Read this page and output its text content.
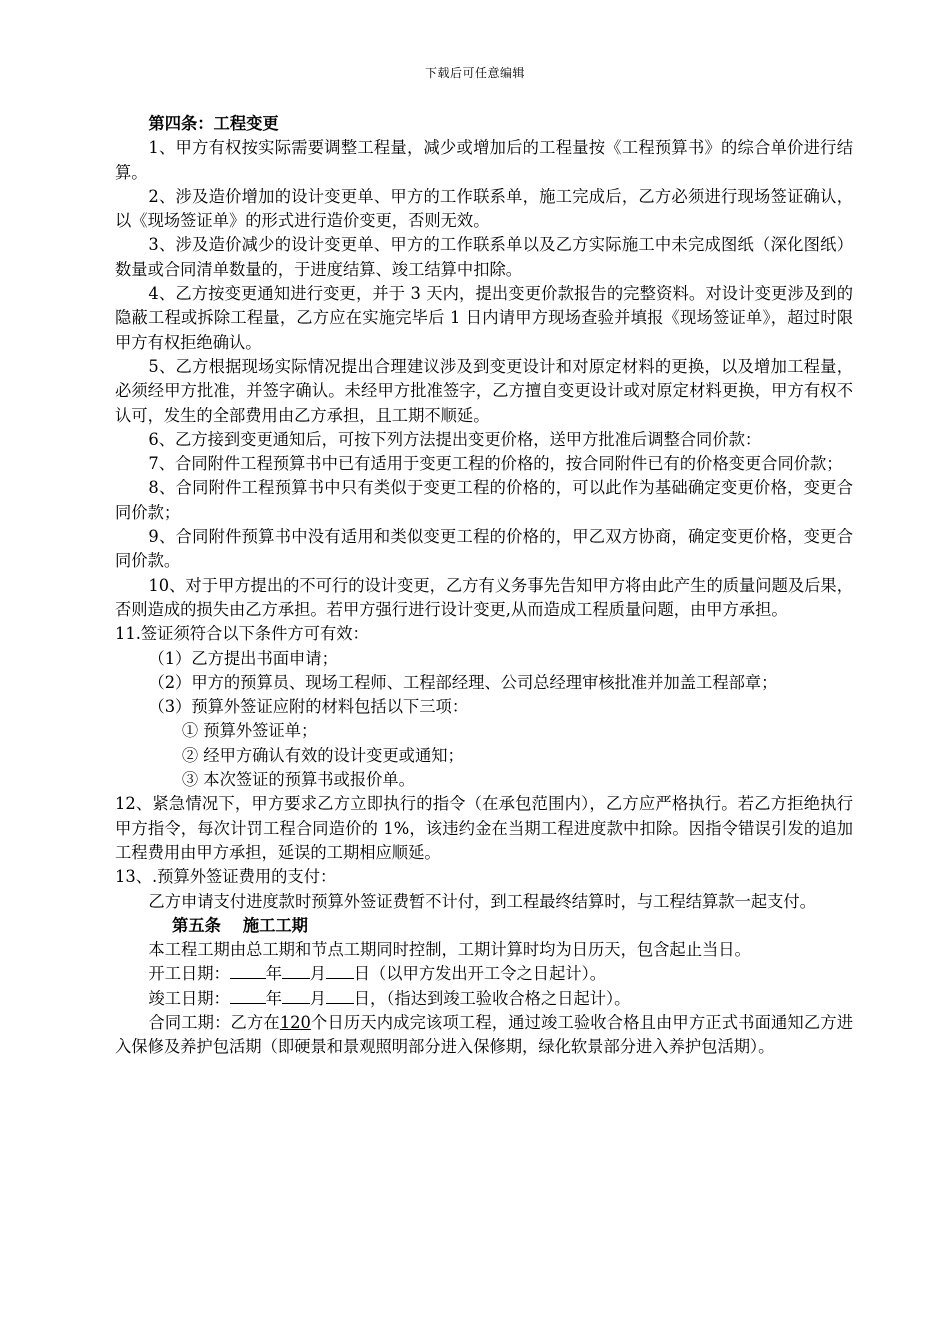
下载后可任意编辑

第四条：工程变更

1、甲方有权按实际需要调整工程量，减少或增加后的工程量按《工程预算书》的综合单价进行结算。

2、涉及造价增加的设计变更单、甲方的工作联系单，施工完成后，乙方必须进行现场签证确认，以《现场签证单》的形式进行造价变更，否则无效。

3、涉及造价减少的设计变更单、甲方的工作联系单以及乙方实际施工中未完成图纸（深化图纸）数量或合同清单数量的，于进度结算、竣工结算中扣除。

4、乙方按变更通知进行变更，并于 3 天内，提出变更价款报告的完整资料。对设计变更涉及到的隐蔽工程或拆除工程量，乙方应在实施完毕后 1 日内请甲方现场查验并填报《现场签证单》，超过时限甲方有权拒绝确认。

5、乙方根据现场实际情况提出合理建议涉及到变更设计和对原定材料的更换，以及增加工程量，必须经甲方批准，并签字确认。未经甲方批准签字，乙方擅自变更设计或对原定材料更换，甲方有权不认可，发生的全部费用由乙方承担，且工期不顺延。

6、乙方接到变更通知后，可按下列方法提出变更价格，送甲方批准后调整合同价款：

7、合同附件工程预算书中已有适用于变更工程的价格的，按合同附件已有的价格变更合同价款；

8、合同附件工程预算书中只有类似于变更工程的价格的，可以此作为基础确定变更价格，变更合同价款；

9、合同附件预算书中没有适用和类似变更工程的价格的，甲乙双方协商，确定变更价格，变更合同价款。

10、对于甲方提出的不可行的设计变更，乙方有义务事先告知甲方将由此产生的质量问题及后果，否则造成的损失由乙方承担。若甲方强行进行设计变更,从而造成工程质量问题，由甲方承担。

11.签证须符合以下条件方可有效：

（1）乙方提出书面申请；

（2）甲方的预算员、现场工程师、工程部经理、公司总经理审核批准并加盖工程部章；

（3）预算外签证应附的材料包括以下三项：

① 预算外签证单；

② 经甲方确认有效的设计变更或通知；

③ 本次签证的预算书或报价单。

12、紧急情况下，甲方要求乙方立即执行的指令（在承包范围内），乙方应严格执行。若乙方拒绝执行甲方指令，每次计罚工程合同造价的 1%，该违约金在当期工程进度款中扣除。因指令错误引发的追加工程费用由甲方承担，延误的工期相应顺延。

13、.预算外签证费用的支付：

乙方申请支付进度款时预算外签证费暂不计付，到工程最终结算时，与工程结算款一起支付。

第五条　 施工工期

本工程工期由总工期和节点工期同时控制，工期计算时均为日历天，包含起止当日。

开工日期： 年 月 日（以甲方发出开工令之日起计）。

竣工日期： 年 月 日，（指达到竣工验收合格之日起计）。

合同工期：乙方在120个日历天内成完该项工程，通过竣工验收合格且由甲方正式书面通知乙方进入保修及养护包活期（即硬景和景观照明部分进入保修期，绿化软景部分进入养护包活期）。
